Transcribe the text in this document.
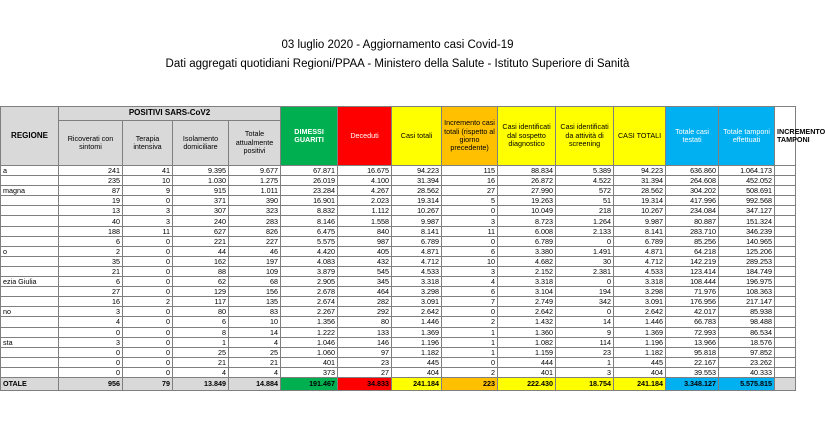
03 luglio 2020 - Aggiornamento casi Covid-19
Dati aggregati quotidiani Regioni/PPAA - Ministero della Salute - Istituto Superiore di Sanità
REGIONE	POSITIVI SARS-CoV2				DIMESSI GUARITI	Deceduti	Casi totali	Incremento casi totali (rispetto al giorno precedente)	Casi identificati dal sospetto diagnostico	Casi identificati da attività di screening	CASI TOTALI	Totale casi testati	Totale tamponi effettuati	INCREMENTO TAMPONI
	Ricoverati con sintomi	Terapia intensiva	Isolamento domiciliare	Totale attualmente positivi										
a	241	41	9.395	9.677	67.871	16.675	94.223	115	88.834	5.389	94.223	636.860	1.064.173	
	235	10	1.030	1.275	26.019	4.100	31.394	16	26.872	4.522	31.394	264.608	452.052	
magna	87	9	915	1.011	23.284	4.267	28.562	27	27.990	572	28.562	304.202	508.691	
	19	0	371	390	16.901	2.023	19.314	5	19.263	51	19.314	417.996	992.568	
	13	3	307	323	8.832	1.112	10.267	0	10.049	218	10.267	234.084	347.127	
	40	3	240	283	8.146	1.558	9.987	3	8.723	1.264	9.987	80.887	151.324	
	188	11	627	826	6.475	840	8.141	11	6.008	2.133	8.141	283.710	346.239	
	6	0	221	227	5.575	987	6.789	0	6.789	0	6.789	85.256	140.965	
o	2	0	44	46	4.420	405	4.871	6	3.380	1.491	4.871	64.218	125.206	
	35	0	162	197	4.083	432	4.712	10	4.682	30	4.712	142.219	289.253	
	21	0	88	109	3.879	545	4.533	3	2.152	2.381	4.533	123.414	184.749	
ezia Giulia	6	0	62	68	2.905	345	3.318	4	3.318	0	3.318	108.444	196.975	
	27	0	129	156	2.678	464	3.298	6	3.104	194	3.298	71.976	108.363	
	16	2	117	135	2.674	282	3.091	7	2.749	342	3.091	176.956	217.147	
no	3	0	80	83	2.267	292	2.642	0	2.642	0	2.642	42.017	85.938	
	4	0	6	10	1.356	80	1.446	2	1.432	14	1.446	66.783	98.488	
	0	0	8	14	1.222	133	1.369	1	1.360	9	1.369	72.993	86.534	
sta	3	0	1	4	1.046	146	1.196	1	1.082	114	1.196	13.966	18.576	
	0	0	25	25	1.060	97	1.182	1	1.159	23	1.182	95.818	97.852	
	0	0	21	21	401	23	445	0	444	1	445	22.167	23.262	
	0	0	4	4	373	27	404	2	401	3	404	39.553	40.333	
OTALE	956	79	13.849	14.884	191.467	34.833	241.184	223	222.430	18.754	241.184	3.348.127	5.575.815	
